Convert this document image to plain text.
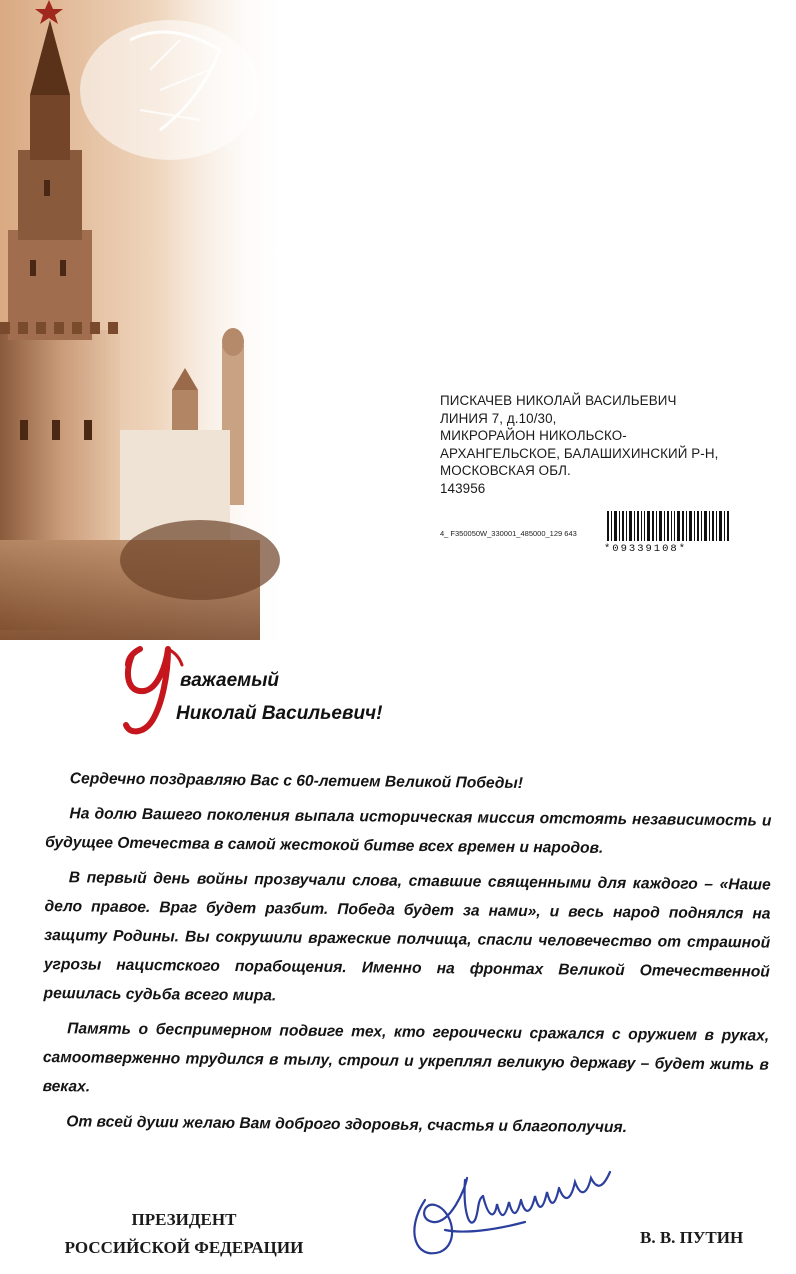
ПИСКАЧЕВ НИКОЛАЙ ВАСИЛЬЕВИЧ
ЛИНИЯ 7, д.10/30,
МИКРОРАЙОН НИКОЛЬСКО-
АРХАНГЕЛЬСКОЕ, БАЛАШИХИНСКИЙ Р-Н,
МОСКОВСКАЯ ОБЛ.
143956
4_ F350050W_330001_485000_129 643
*09339108*
важаемый
Николай Васильевич!

Сердечно поздравляю Вас с 60-летием Великой Победы!

На долю Вашего поколения выпала историческая миссия отстоять независимость и будущее Отечества в самой жестокой битве всех времен и народов.

В первый день войны прозвучали слова, ставшие священными для каждого – «Наше дело правое. Враг будет разбит. Победа будет за нами», и весь народ поднялся на защиту Родины. Вы сокрушили вражеские полчища, спасли человечество от страшной угрозы нацистского порабощения. Именно на фронтах Великой Отечественной решилась судьба всего мира.

Память о беспримерном подвиге тех, кто героически сражался с оружием в руках, самоотверженно трудился в тылу, строил и укреплял великую державу – будет жить в веках.

От всей души желаю Вам доброго здоровья, счастья и благополучия.

ПРЕЗИДЕНТ
РОССИЙСКОЙ ФЕДЕРАЦИИ
В. В. ПУТИН
